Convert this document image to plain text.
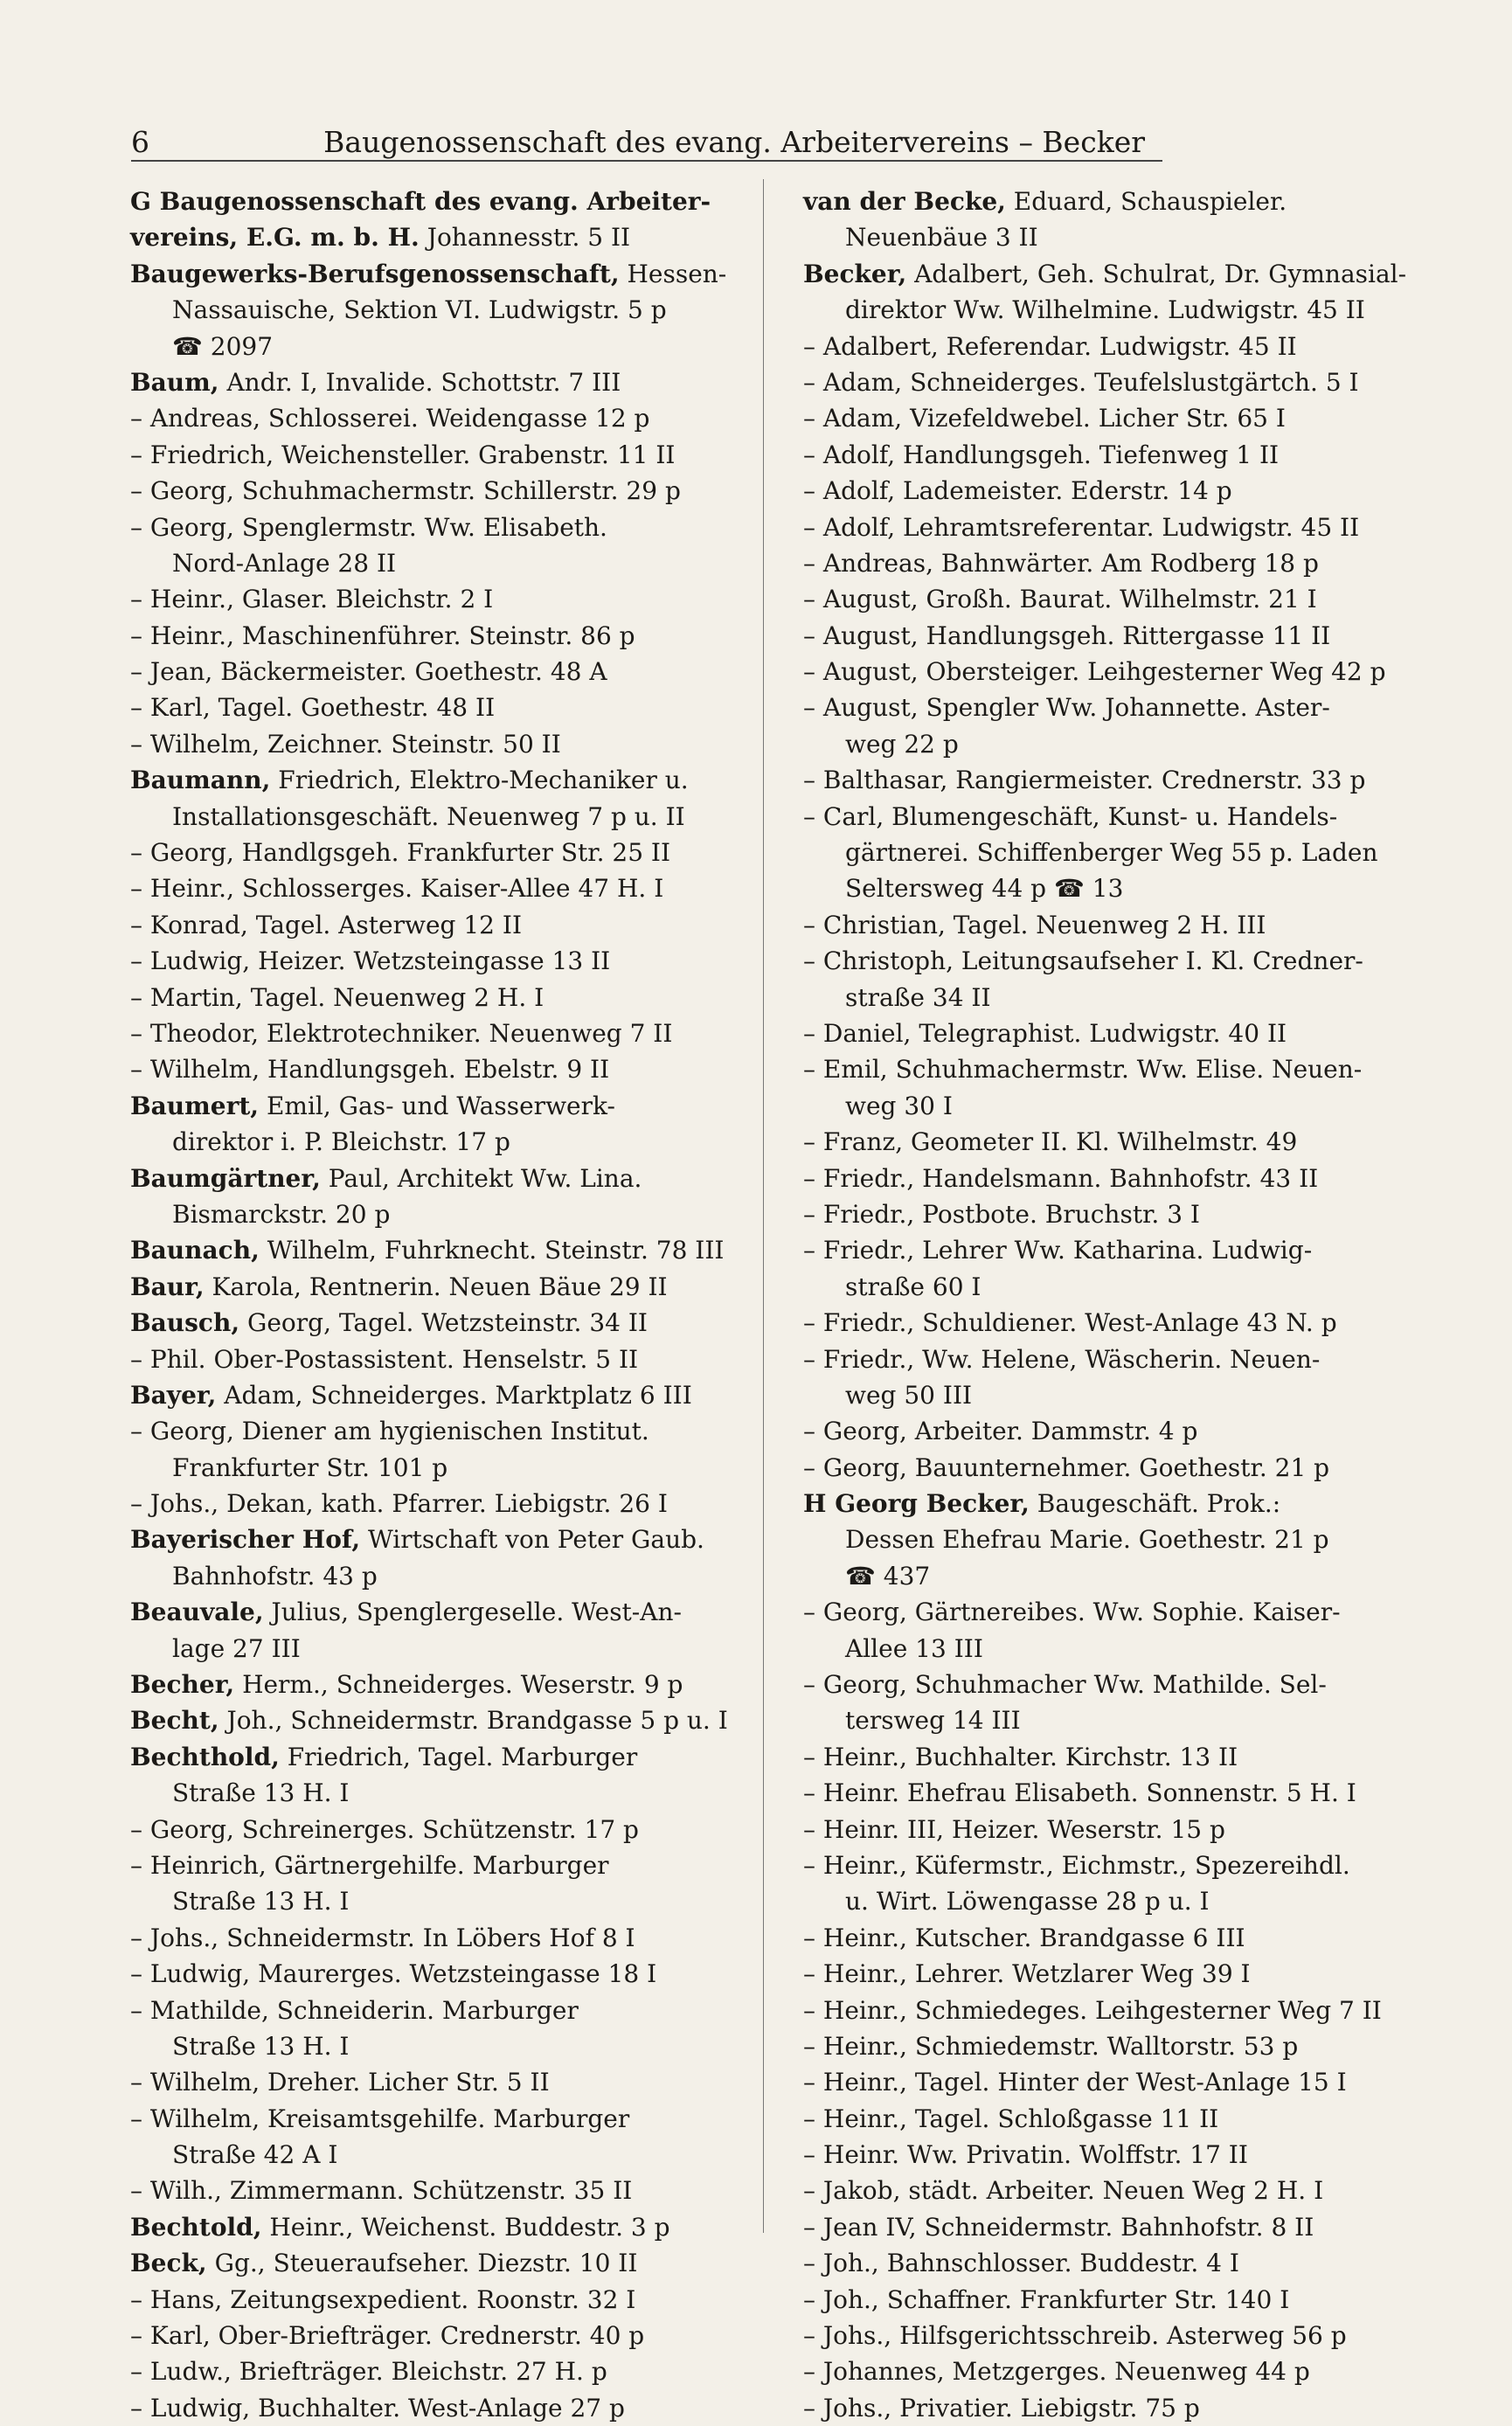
6	Baugenossenschaft des evang. Arbeitervereins – Becker
G Baugenossenschaft des evang. Arbeiter-
vereins, E.G. m. b. H. Johannesstr. 5 II
Baugewerks-Berufsgenossenschaft, Hessen-
Nassauische, Sektion VI. Ludwigstr. 5 p
☎ 2097
Baum, Andr. I, Invalide. Schottstr. 7 III
– Andreas, Schlosserei. Weidengasse 12 p
– Friedrich, Weichensteller. Grabenstr. 11 II
– Georg, Schuhmachermstr. Schillerstr. 29 p
– Georg, Spenglermstr. Ww. Elisabeth.
Nord-Anlage 28 II
– Heinr., Glaser. Bleichstr. 2 I
– Heinr., Maschinenführer. Steinstr. 86 p
– Jean, Bäckermeister. Goethestr. 48 A
– Karl, Tagel. Goethestr. 48 II
– Wilhelm, Zeichner. Steinstr. 50 II
Baumann, Friedrich, Elektro-Mechaniker u.
Installationsgeschäft. Neuenweg 7 p u. II
– Georg, Handlgsgeh. Frankfurter Str. 25 II
– Heinr., Schlosserges. Kaiser-Allee 47 H. I
– Konrad, Tagel. Asterweg 12 II
– Ludwig, Heizer. Wetzsteingasse 13 II
– Martin, Tagel. Neuenweg 2 H. I
– Theodor, Elektrotechniker. Neuenweg 7 II
– Wilhelm, Handlungsgeh. Ebelstr. 9 II
Baumert, Emil, Gas- und Wasserwerk-
direktor i. P. Bleichstr. 17 p
Baumgärtner, Paul, Architekt Ww. Lina.
Bismarckstr. 20 p
Baunach, Wilhelm, Fuhrknecht. Steinstr. 78 III
Baur, Karola, Rentnerin. Neuen Bäue 29 II
Bausch, Georg, Tagel. Wetzsteinstr. 34 II
– Phil. Ober-Postassistent. Henselstr. 5 II
Bayer, Adam, Schneiderges. Marktplatz 6 III
– Georg, Diener am hygienischen Institut.
Frankfurter Str. 101 p
– Johs., Dekan, kath. Pfarrer. Liebigstr. 26 I
Bayerischer Hof, Wirtschaft von Peter Gaub.
Bahnhofstr. 43 p
Beauvale, Julius, Spenglergeselle. West-An-
lage 27 III
Becher, Herm., Schneiderges. Weserstr. 9 p
Becht, Joh., Schneidermstr. Brandgasse 5 p u. I
Bechthold, Friedrich, Tagel. Marburger
Straße 13 H. I
– Georg, Schreinerges. Schützenstr. 17 p
– Heinrich, Gärtnergehilfe. Marburger
Straße 13 H. I
– Johs., Schneidermstr. In Löbers Hof 8 I
– Ludwig, Maurerges. Wetzsteingasse 18 I
– Mathilde, Schneiderin. Marburger
Straße 13 H. I
– Wilhelm, Dreher. Licher Str. 5 II
– Wilhelm, Kreisamtsgehilfe. Marburger
Straße 42 A I
– Wilh., Zimmermann. Schützenstr. 35 II
Bechtold, Heinr., Weichenst. Buddestr. 3 p
Beck, Gg., Steueraufseher. Diezstr. 10 II
– Hans, Zeitungsexpedient. Roonstr. 32 I
– Karl, Ober-Briefträger. Crednerstr. 40 p
– Ludw., Briefträger. Bleichstr. 27 H. p
– Ludwig, Buchhalter. West-Anlage 27 p
van der Becke, Eduard, Schauspieler.
Neuenbäue 3 II
Becker, Adalbert, Geh. Schulrat, Dr. Gymnasial-
direktor Ww. Wilhelmine. Ludwigstr. 45 II
– Adalbert, Referendar. Ludwigstr. 45 II
– Adam, Schneiderges. Teufelslustgärtch. 5 I
– Adam, Vizefeldwebel. Licher Str. 65 I
– Adolf, Handlungsgeh. Tiefenweg 1 II
– Adolf, Lademeister. Ederstr. 14 p
– Adolf, Lehramtsreferentar. Ludwigstr. 45 II
– Andreas, Bahnwärter. Am Rodberg 18 p
– August, Großh. Baurat. Wilhelmstr. 21 I
– August, Handlungsgeh. Rittergasse 11 II
– August, Obersteiger. Leihgesterner Weg 42 p
– August, Spengler Ww. Johannette. Aster-
weg 22 p
– Balthasar, Rangiermeister. Crednerstr. 33 p
– Carl, Blumengeschäft, Kunst- u. Handels-
gärtnerei. Schiffenberger Weg 55 p. Laden
Seltersweg 44 p ☎ 13
– Christian, Tagel. Neuenweg 2 H. III
– Christoph, Leitungsaufseher I. Kl. Credner-
straße 34 II
– Daniel, Telegraphist. Ludwigstr. 40 II
– Emil, Schuhmachermstr. Ww. Elise. Neuen-
weg 30 I
– Franz, Geometer II. Kl. Wilhelmstr. 49
– Friedr., Handelsmann. Bahnhofstr. 43 II
– Friedr., Postbote. Bruchstr. 3 I
– Friedr., Lehrer Ww. Katharina. Ludwig-
straße 60 I
– Friedr., Schuldiener. West-Anlage 43 N. p
– Friedr., Ww. Helene, Wäscherin. Neuen-
weg 50 III
– Georg, Arbeiter. Dammstr. 4 p
– Georg, Bauunternehmer. Goethestr. 21 p
H Georg Becker, Baugeschäft. Prok.:
Dessen Ehefrau Marie. Goethestr. 21 p
☎ 437
– Georg, Gärtnereibes. Ww. Sophie. Kaiser-
Allee 13 III
– Georg, Schuhmacher Ww. Mathilde. Sel-
tersweg 14 III
– Heinr., Buchhalter. Kirchstr. 13 II
– Heinr. Ehefrau Elisabeth. Sonnenstr. 5 H. I
– Heinr. III, Heizer. Weserstr. 15 p
– Heinr., Küfermstr., Eichmstr., Spezereihdl.
u. Wirt. Löwengasse 28 p u. I
– Heinr., Kutscher. Brandgasse 6 III
– Heinr., Lehrer. Wetzlarer Weg 39 I
– Heinr., Schmiedeges. Leihgesterner Weg 7 II
– Heinr., Schmiedemstr. Walltorstr. 53 p
– Heinr., Tagel. Hinter der West-Anlage 15 I
– Heinr., Tagel. Schloßgasse 11 II
– Heinr. Ww. Privatin. Wolffstr. 17 II
– Jakob, städt. Arbeiter. Neuen Weg 2 H. I
– Jean IV, Schneidermstr. Bahnhofstr. 8 II
– Joh., Bahnschlosser. Buddestr. 4 I
– Joh., Schaffner. Frankfurter Str. 140 I
– Johs., Hilfsgerichtsschreib. Asterweg 56 p
– Johannes, Metzgerges. Neuenweg 44 p
– Johs., Privatier. Liebigstr. 75 p
